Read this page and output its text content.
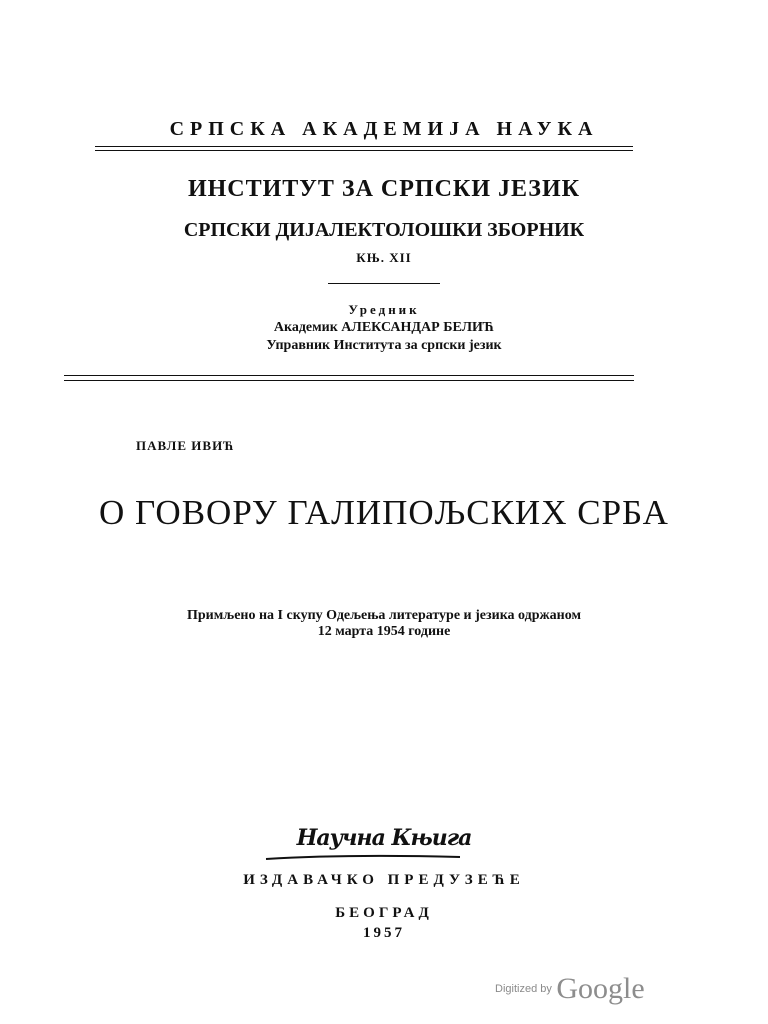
СРПСКА АКАДЕМИЈА НАУКА
ИНСТИТУТ ЗА СРПСКИ ЈЕЗИК
СРПСКИ ДИЈАЛЕКТОЛОШКИ ЗБОРНИК
КЊ. XII
Уредник
Академик АЛЕКСАНДАР БЕЛИЋ
Управник Института за српски језик
ПАВЛЕ ИВИЋ
О ГОВОРУ ГАЛИПОЉСКИХ СРБА
Примљено на I скупу Одељења литературе и језика одржаном
12 марта 1954 године
Научна Књига
ИЗДАВАЧКО ПРЕДУЗЕЋЕ
БЕОГРАД
1957
Digitized by Google
